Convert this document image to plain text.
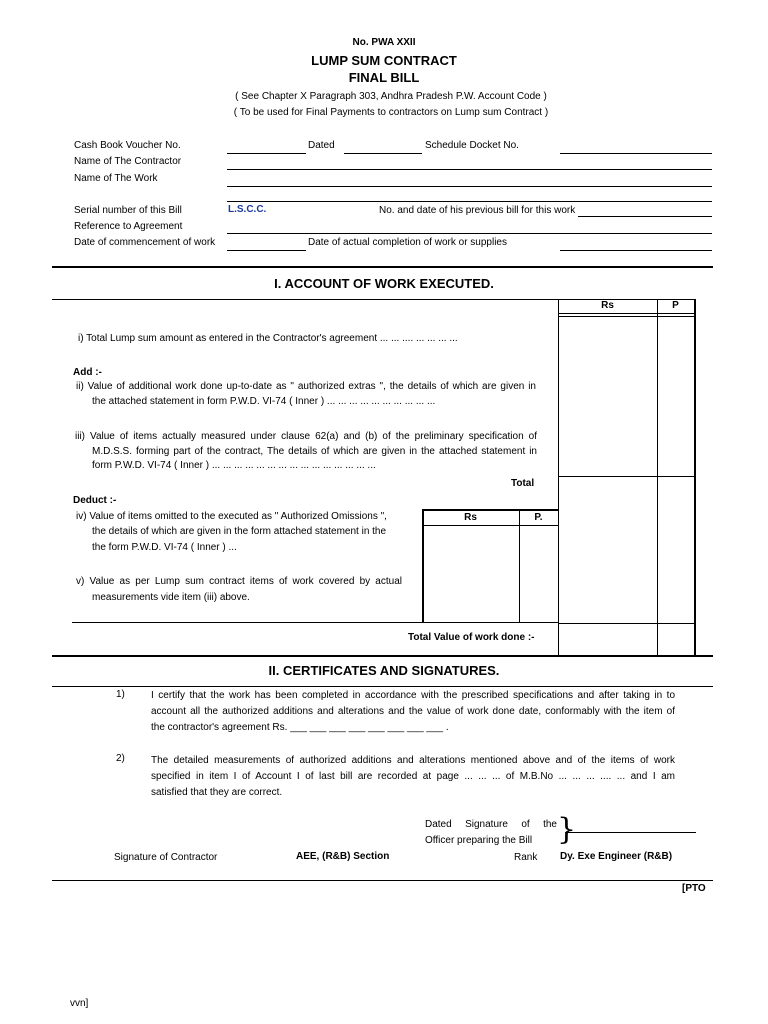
No. PWA XXII
LUMP SUM CONTRACT
FINAL BILL
( See Chapter X Paragraph 303, Andhra Pradesh P.W. Account Code )
( To be used for Final Payments to contractors on Lump sum Contract )
Cash Book Voucher No.	Dated	Schedule Docket No.
Name of The Contractor
Name of The Work
Serial number of this Bill	L.S.C.C.	No. and date of his previous bill for this work
Reference to Agreement
Date of commencement of work	Date of actual completion of work or supplies
I. ACCOUNT OF WORK EXECUTED.
Rs	P
i) Total Lump sum amount as entered in the Contractor's agreement ... ... .... ... ... ... ...
Add :-
ii) Value of additional work done up-to-date as " authorized extras ", the details of which are given in
the attached statement in form P.W.D. VI-74 ( Inner ) ... ... ... ... ... ... ... ... ... ...
iii) Value of items actually measured under clause 62(a) and (b) of the preliminary specification of
M.D.S.S. forming part of the contract, The details of which are given in the attached statement in
form P.W.D. VI-74 ( Inner ) ... ... ... ... ... ... ... ... ... ... ... ... ... ... ...
Total
Deduct :-
iv) Value of items omitted to the executed as " Authorized Omissions ",
the details of which are given in the form attached statement in the
the form P.W.D. VI-74 ( Inner ) ...
Rs	P.
v) Value as per Lump sum contract items of work covered by actual
measurements vide item (iii) above.
Total Value of work done :-
II. CERTIFICATES AND SIGNATURES.
1)	I certify that the work has been completed in accordance with the prescribed specifications and after taking in to
account all the authorized additions and alterations and the value of work done date, conformably with the item of
the contractor's agreement Rs. ___ ___ ___ ___ ___ ___ ___ ___ .
2)	The detailed measurements of authorized additions and alterations mentioned above and of the items of work
specified in item I of Account I of last bill are recorded at page ... ... ... of M.B.No ... ... ... .... ... and I am
satisfied that they are correct.
Dated Signature of the }
Officer preparing the Bill
Signature of Contractor	AEE, (R&B) Section	Rank Dy. Exe Engineer (R&B)
[PTO
vvn]
